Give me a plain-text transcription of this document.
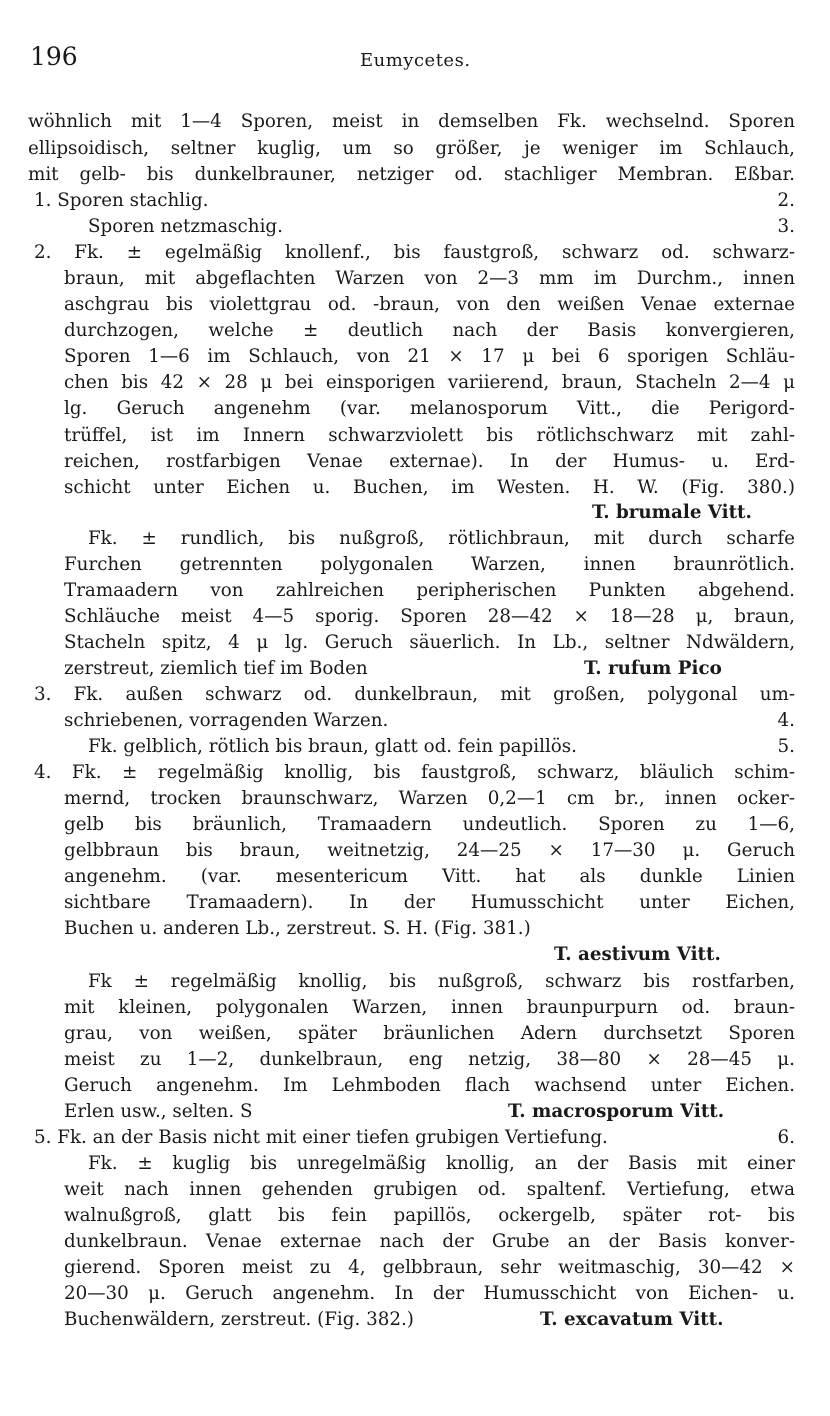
196	Eumycetes.
wöhnlich mit 1—4 Sporen, meist in demselben Fk. wechselnd. Sporen
ellipsoidisch, seltner kuglig, um so größer, je weniger im Schlauch,
mit gelb- bis dunkelbrauner, netziger od. stachliger Membran. Eßbar.
1. Sporen stachlig.	2.
Sporen netzmaschig.	3.
2. Fk. ± egelmäßig knollenf., bis faustgroß, schwarz od. schwarz-
braun, mit abgeflachten Warzen von 2—3 mm im Durchm., innen
aschgrau bis violettgrau od. -braun, von den weißen Venae externae
durchzogen, welche ± deutlich nach der Basis konvergieren,
Sporen 1—6 im Schlauch, von 21 × 17 μ bei 6 sporigen Schläu-
chen bis 42 × 28 μ bei einsporigen variierend, braun, Stacheln 2—4 μ
lg. Geruch angenehm (var. melanosporum Vitt., die Perigord-
trüffel, ist im Innern schwarzviolett bis rötlichschwarz mit zahl-
reichen, rostfarbigen Venae externae). In der Humus- u. Erd-
schicht unter Eichen u. Buchen, im Westen. H. W. (Fig. 380.)
T. brumale Vitt.
Fk. ± rundlich, bis nußgroß, rötlichbraun, mit durch scharfe
Furchen getrennten polygonalen Warzen, innen braunrötlich.
Tramaadern von zahlreichen peripherischen Punkten abgehend.
Schläuche meist 4—5 sporig. Sporen 28—42 × 18—28 μ, braun,
Stacheln spitz, 4 μ lg. Geruch säuerlich. In Lb., seltner Ndwäldern,
zerstreut, ziemlich tief im Boden	T. rufum Pico
3. Fk. außen schwarz od. dunkelbraun, mit großen, polygonal um-
schriebenen, vorragenden Warzen.	4.
Fk. gelblich, rötlich bis braun, glatt od. fein papillös.	5.
4. Fk. ± regelmäßig knollig, bis faustgroß, schwarz, bläulich schim-
mernd, trocken braunschwarz, Warzen 0,2—1 cm br., innen ocker-
gelb bis bräunlich, Tramaadern undeutlich. Sporen zu 1—6,
gelbbraun bis braun, weitnetzig, 24—25 × 17—30 μ. Geruch
angenehm. (var. mesentericum Vitt. hat als dunkle Linien
sichtbare Tramaadern). In der Humusschicht unter Eichen,
Buchen u. anderen Lb., zerstreut. S. H. (Fig. 381.)
T. aestivum Vitt.
Fk ± regelmäßig knollig, bis nußgroß, schwarz bis rostfarben,
mit kleinen, polygonalen Warzen, innen braunpurpurn od. braun-
grau, von weißen, später bräunlichen Adern durchsetzt Sporen
meist zu 1—2, dunkelbraun, eng netzig, 38—80 × 28—45 μ.
Geruch angenehm. Im Lehmboden flach wachsend unter Eichen.
Erlen usw., selten. S	T. macrosporum Vitt.
5. Fk. an der Basis nicht mit einer tiefen grubigen Vertiefung.	6.
Fk. ± kuglig bis unregelmäßig knollig, an der Basis mit einer
weit nach innen gehenden grubigen od. spaltenf. Vertiefung, etwa
walnußgroß, glatt bis fein papillös, ockergelb, später rot- bis
dunkelbraun. Venae externae nach der Grube an der Basis konver-
gierend. Sporen meist zu 4, gelbbraun, sehr weitmaschig, 30—42 ×
20—30 μ. Geruch angenehm. In der Humusschicht von Eichen- u.
Buchenwäldern, zerstreut. (Fig. 382.)	T. excavatum Vitt.
